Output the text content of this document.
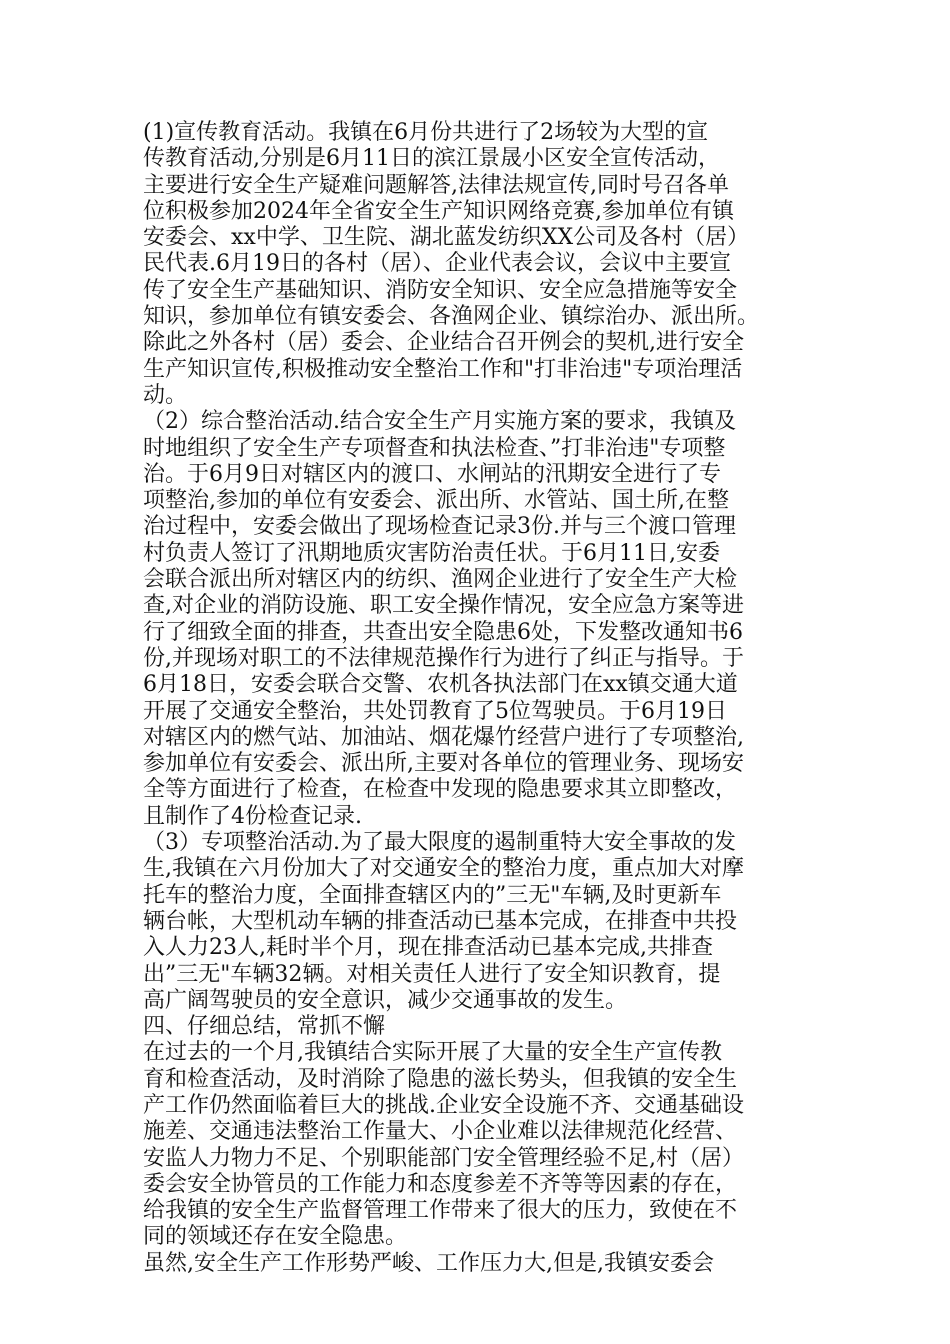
(1)宣传教育活动。我镇在6月份共进行了2场较为大型的宣
传教育活动,分别是6月11日的滨江景晟小区安全宣传活动，
主要进行安全生产疑难问题解答,法律法规宣传,同时号召各单
位积极参加2024年全省安全生产知识网络竞赛,参加单位有镇
安委会、xx中学、卫生院、湖北蓝发纺织XX公司及各村（居）
民代表.6月19日的各村（居）、企业代表会议，会议中主要宣
传了安全生产基础知识、消防安全知识、安全应急措施等安全
知识，参加单位有镇安委会、各渔网企业、镇综治办、派出所。
除此之外各村（居）委会、企业结合召开例会的契机,进行安全
生产知识宣传,积极推动安全整治工作和"打非治违"专项治理活
动。
（2）综合整治活动.结合安全生产月实施方案的要求，我镇及
时地组织了安全生产专项督查和执法检查、”打非治违"专项整
治。于6月9日对辖区内的渡口、水闸站的汛期安全进行了专
项整治,参加的单位有安委会、派出所、水管站、国土所,在整
治过程中，安委会做出了现场检查记录3份.并与三个渡口管理
村负责人签订了汛期地质灾害防治责任状。于6月11日,安委
会联合派出所对辖区内的纺织、渔网企业进行了安全生产大检
查,对企业的消防设施、职工安全操作情况，安全应急方案等进
行了细致全面的排查，共查出安全隐患6处，下发整改通知书6
份,并现场对职工的不法律规范操作行为进行了纠正与指导。于
6月18日，安委会联合交警、农机各执法部门在xx镇交通大道
开展了交通安全整治，共处罚教育了5位驾驶员。于6月19日
对辖区内的燃气站、加油站、烟花爆竹经营户进行了专项整治,
参加单位有安委会、派出所,主要对各单位的管理业务、现场安
全等方面进行了检查，在检查中发现的隐患要求其立即整改，
且制作了4份检查记录.
（3）专项整治活动.为了最大限度的遏制重特大安全事故的发
生,我镇在六月份加大了对交通安全的整治力度，重点加大对摩
托车的整治力度，全面排查辖区内的”三无"车辆,及时更新车
辆台帐，大型机动车辆的排查活动已基本完成，在排查中共投
入人力23人,耗时半个月，现在排查活动已基本完成,共排查
出”三无"车辆32辆。对相关责任人进行了安全知识教育，提
高广阔驾驶员的安全意识，减少交通事故的发生。
四、仔细总结，常抓不懈
在过去的一个月,我镇结合实际开展了大量的安全生产宣传教
育和检查活动，及时消除了隐患的滋长势头，但我镇的安全生
产工作仍然面临着巨大的挑战.企业安全设施不齐、交通基础设
施差、交通违法整治工作量大、小企业难以法律规范化经营、
安监人力物力不足、个别职能部门安全管理经验不足,村（居）
委会安全协管员的工作能力和态度参差不齐等等因素的存在，
给我镇的安全生产监督管理工作带来了很大的压力，致使在不
同的领域还存在安全隐患。
虽然,安全生产工作形势严峻、工作压力大,但是,我镇安委会
